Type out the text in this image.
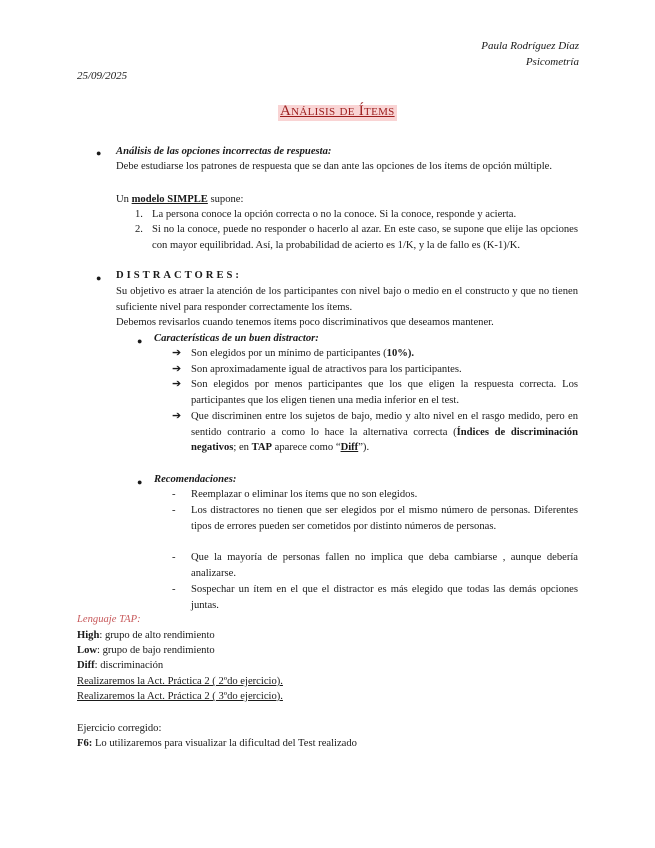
Paula Rodríguez Díaz
Psicometría
25/09/2025
Análisis de Ítems
● Análisis de las opciones incorrectas de respuesta:
Debe estudiarse los patrones de respuesta que se dan ante las opciones de los ítems de opción múltiple.
Un modelo SIMPLE supone:
1. La persona conoce la opción correcta o no la conoce. Si la conoce, responde y acierta.
2. Si no la conoce, puede no responder o hacerlo al azar. En este caso, se supone que elije las opciones con mayor equilibridad. Así, la probabilidad de acierto es 1/K, y la de fallo es (K-1)/K.
● DISTRACTORES:
Su objetivo es atraer la atención de los participantes con nivel bajo o medio en el constructo y que no tienen suficiente nivel para responder correctamente los ítems.
Debemos revisarlos cuando tenemos ítems poco discriminativos que deseamos mantener.
● Características de un buen distractor:
➔ Son elegidos por un mínimo de participantes (10%).
➔ Son aproximadamente igual de atractivos para los participantes.
➔ Son elegidos por menos participantes que los que eligen la respuesta correcta. Los participantes que los eligen tienen una media inferior en el test.
➔ Que discriminen entre los sujetos de bajo, medio y alto nivel en el rasgo medido, pero en sentido contrario a como lo hace la alternativa correcta (Índices de discriminación negativos; en TAP aparece como “Diff”).
● Recomendaciones:
- Reemplazar o eliminar los ítems que no son elegidos.
- Los distractores no tienen que ser elegidos por el mismo número de personas. Diferentes tipos de errores pueden ser cometidos por distinto números de personas.
- Que la mayoría de personas fallen no implica que deba cambiarse , aunque debería analizarse.
- Sospechar un ítem en el que el distractor es más elegido que todas las demás opciones juntas.
Lenguaje TAP:
High: grupo de alto rendimiento
Low: grupo de bajo rendimiento
Diff: discriminación
Realizaremos la Act. Práctica 2 ( 2ºdo ejercicio).
Realizaremos la Act. Práctica 2 ( 3ºdo ejercicio).
Ejercicio corregido:
F6: Lo utilizaremos para visualizar la dificultad del Test realizado
